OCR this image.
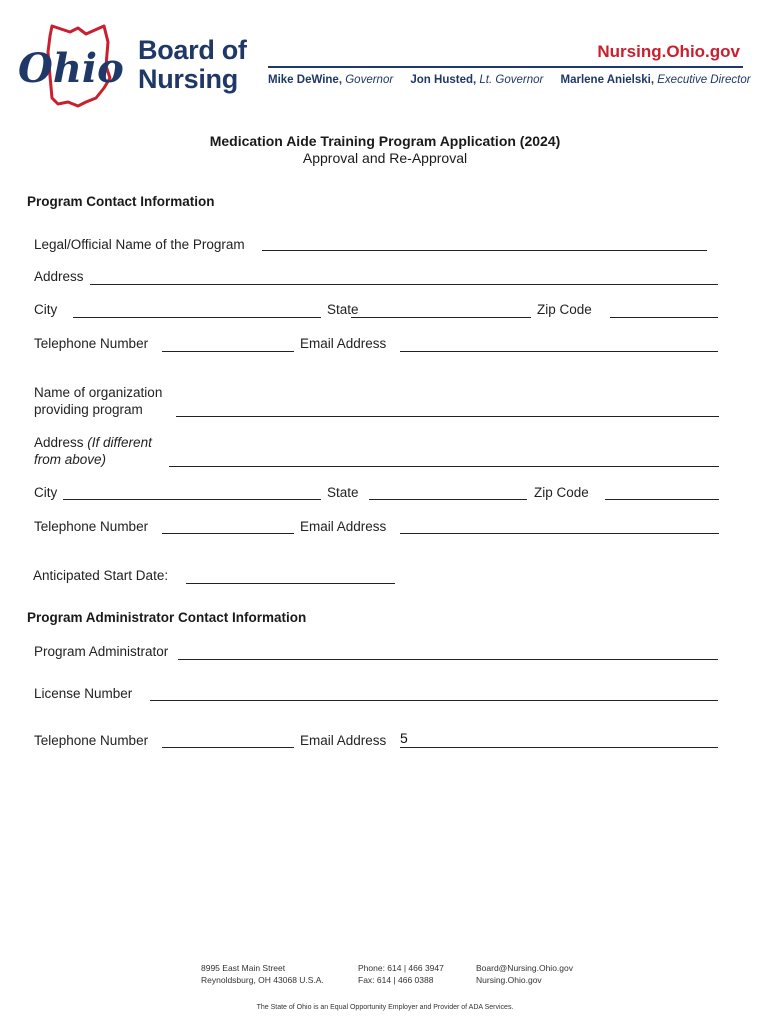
Ohio Board of
Nursing
Nursing.Ohio.gov
Mike DeWine, Governor Jon Husted, Lt. Governor Marlene Anielski, Executive Director
Medication Aide Training Program Application (2024)
Approval and Re-Approval
Program Contact Information
Legal/Official Name of the Program
Address
City	State	Zip Code
Telephone Number	Email Address
Name of organization providing program
Address (If different from above)
City	State	Zip Code
Telephone Number	Email Address
Anticipated Start Date:
Program Administrator Contact Information
Program Administrator
License Number
Telephone Number	Email Address 5
8995 East Main Street
Reynoldsburg, OH 43068 U.S.A.
Phone: 614 | 466 3947
Fax: 614 | 466 0388
Board@Nursing.Ohio.gov
Nursing.Ohio.gov
The State of Ohio is an Equal Opportunity Employer and Provider of ADA Services.
